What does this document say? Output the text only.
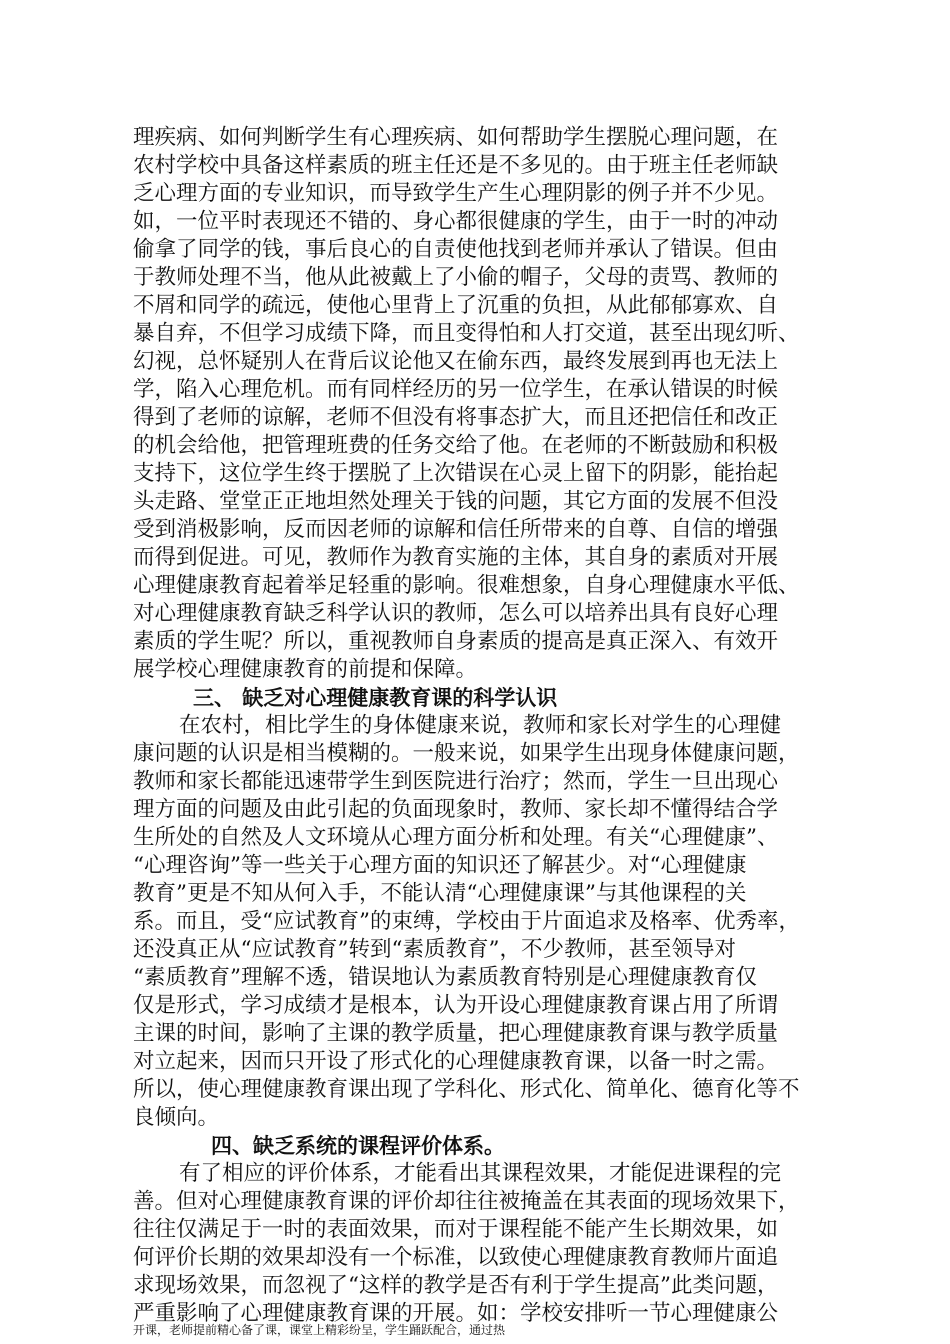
理疾病、如何判断学生有心理疾病、如何帮助学生摆脱心理问题，在
农村学校中具备这样素质的班主任还是不多见的。由于班主任老师缺
乏心理方面的专业知识，而导致学生产生心理阴影的例子并不少见。
如，一位平时表现还不错的、身心都很健康的学生，由于一时的冲动
偷拿了同学的钱，事后良心的自责使他找到老师并承认了错误。但由
于教师处理不当，他从此被戴上了小偷的帽子，父母的责骂、教师的
不屑和同学的疏远，使他心里背上了沉重的负担，从此郁郁寡欢、自
暴自弃，不但学习成绩下降，而且变得怕和人打交道，甚至出现幻听、
幻视，总怀疑别人在背后议论他又在偷东西，最终发展到再也无法上
学，陷入心理危机。而有同样经历的另一位学生，在承认错误的时候
得到了老师的谅解，老师不但没有将事态扩大，而且还把信任和改正
的机会给他，把管理班费的任务交给了他。在老师的不断鼓励和积极
支持下，这位学生终于摆脱了上次错误在心灵上留下的阴影，能抬起
头走路、堂堂正正地坦然处理关于钱的问题，其它方面的发展不但没
受到消极影响，反而因老师的谅解和信任所带来的自尊、自信的增强
而得到促进。可见，教师作为教育实施的主体，其自身的素质对开展
心理健康教育起着举足轻重的影响。很难想象，自身心理健康水平低、
对心理健康教育缺乏科学认识的教师，怎么可以培养出具有良好心理
素质的学生呢？所以，重视教师自身素质的提高是真正深入、有效开
展学校心理健康教育的前提和保障。
三、 缺乏对心理健康教育课的科学认识
在农村，相比学生的身体健康来说，教师和家长对学生的心理健
康问题的认识是相当模糊的。一般来说，如果学生出现身体健康问题，
教师和家长都能迅速带学生到医院进行治疗；然而，学生一旦出现心
理方面的问题及由此引起的负面现象时，教师、家长却不懂得结合学
生所处的自然及人文环境从心理方面分析和处理。有关“心理健康”、
“心理咨询”等一些关于心理方面的知识还了解甚少。对“心理健康
教育”更是不知从何入手，不能认清“心理健康课”与其他课程的关
系。而且，受“应试教育”的束缚，学校由于片面追求及格率、优秀率，
还没真正从“应试教育”转到“素质教育”，不少教师，甚至领导对
“素质教育”理解不透，错误地认为素质教育特别是心理健康教育仅
仅是形式，学习成绩才是根本，认为开设心理健康教育课占用了所谓
主课的时间，影响了主课的教学质量，把心理健康教育课与教学质量
对立起来，因而只开设了形式化的心理健康教育课，以备一时之需。
所以，使心理健康教育课出现了学科化、形式化、简单化、德育化等不
良倾向。
四、缺乏系统的课程评价体系。
有了相应的评价体系，才能看出其课程效果，才能促进课程的完
善。但对心理健康教育课的评价却往往被掩盖在其表面的现场效果下，
往往仅满足于一时的表面效果，而对于课程能不能产生长期效果，如
何评价长期的效果却没有一个标准，以致使心理健康教育教师片面追
求现场效果，而忽视了“这样的教学是否有利于学生提高”此类问题，
严重影响了心理健康教育课的开展。如：学校安排听一节心理健康公
开课，老师提前精心备了课，课堂上精彩纷呈，学生踊跃配合，通过热
